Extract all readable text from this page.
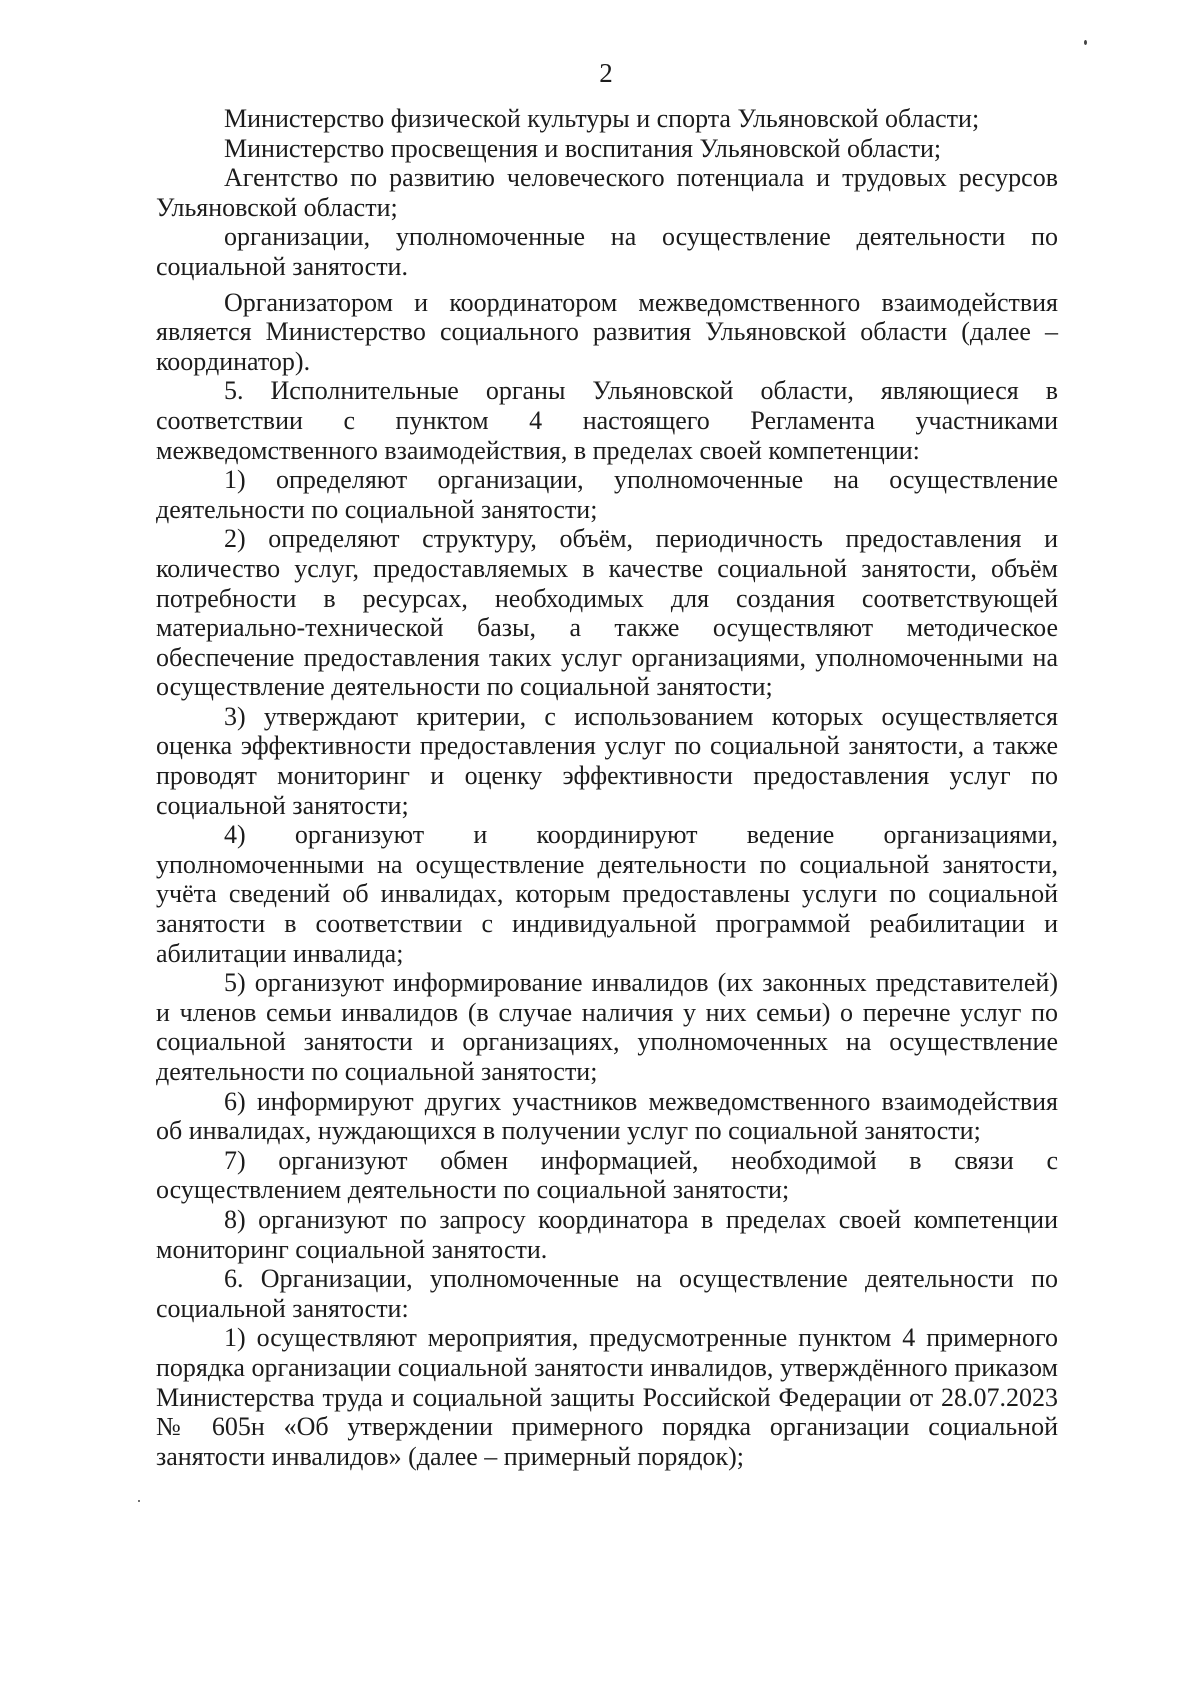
2

Министерство физической культуры и спорта Ульяновской области;

Министерство просвещения и воспитания Ульяновской области;

Агентство по развитию человеческого потенциала и трудовых ресурсов Ульяновской области;

организации, уполномоченные на осуществление деятельности по социальной занятости.

Организатором и координатором межведомственного взаимодействия является Министерство социального развития Ульяновской области (далее – координатор).

5. Исполнительные органы Ульяновской области, являющиеся в соответствии с пунктом 4 настоящего Регламента участниками межведомственного взаимодействия, в пределах своей компетенции:

1) определяют организации, уполномоченные на осуществление деятельности по социальной занятости;

2) определяют структуру, объём, периодичность предоставления и количество услуг, предоставляемых в качестве социальной занятости, объём потребности в ресурсах, необходимых для создания соответствующей материально-технической базы, а также осуществляют методическое обеспечение предоставления таких услуг организациями, уполномоченными на осуществление деятельности по социальной занятости;

3) утверждают критерии, с использованием которых осуществляется оценка эффективности предоставления услуг по социальной занятости, а также проводят мониторинг и оценку эффективности предоставления услуг по социальной занятости;

4) организуют и координируют ведение организациями, уполномоченными на осуществление деятельности по социальной занятости, учёта сведений об инвалидах, которым предоставлены услуги по социальной занятости в соответствии с индивидуальной программой реабилитации и абилитации инвалида;

5) организуют информирование инвалидов (их законных представителей) и членов семьи инвалидов (в случае наличия у них семьи) о перечне услуг по социальной занятости и организациях, уполномоченных на осуществление деятельности по социальной занятости;

6) информируют других участников межведомственного взаимодействия об инвалидах, нуждающихся в получении услуг по социальной занятости;

7) организуют обмен информацией, необходимой в связи с осуществлением деятельности по социальной занятости;

8) организуют по запросу координатора в пределах своей компетенции мониторинг социальной занятости.

6. Организации, уполномоченные на осуществление деятельности по социальной занятости:

1) осуществляют мероприятия, предусмотренные пунктом 4 примерного порядка организации социальной занятости инвалидов, утверждённого приказом Министерства труда и социальной защиты Российской Федерации от 28.07.2023 № 605н «Об утверждении примерного порядка организации социальной занятости инвалидов» (далее – примерный порядок);
